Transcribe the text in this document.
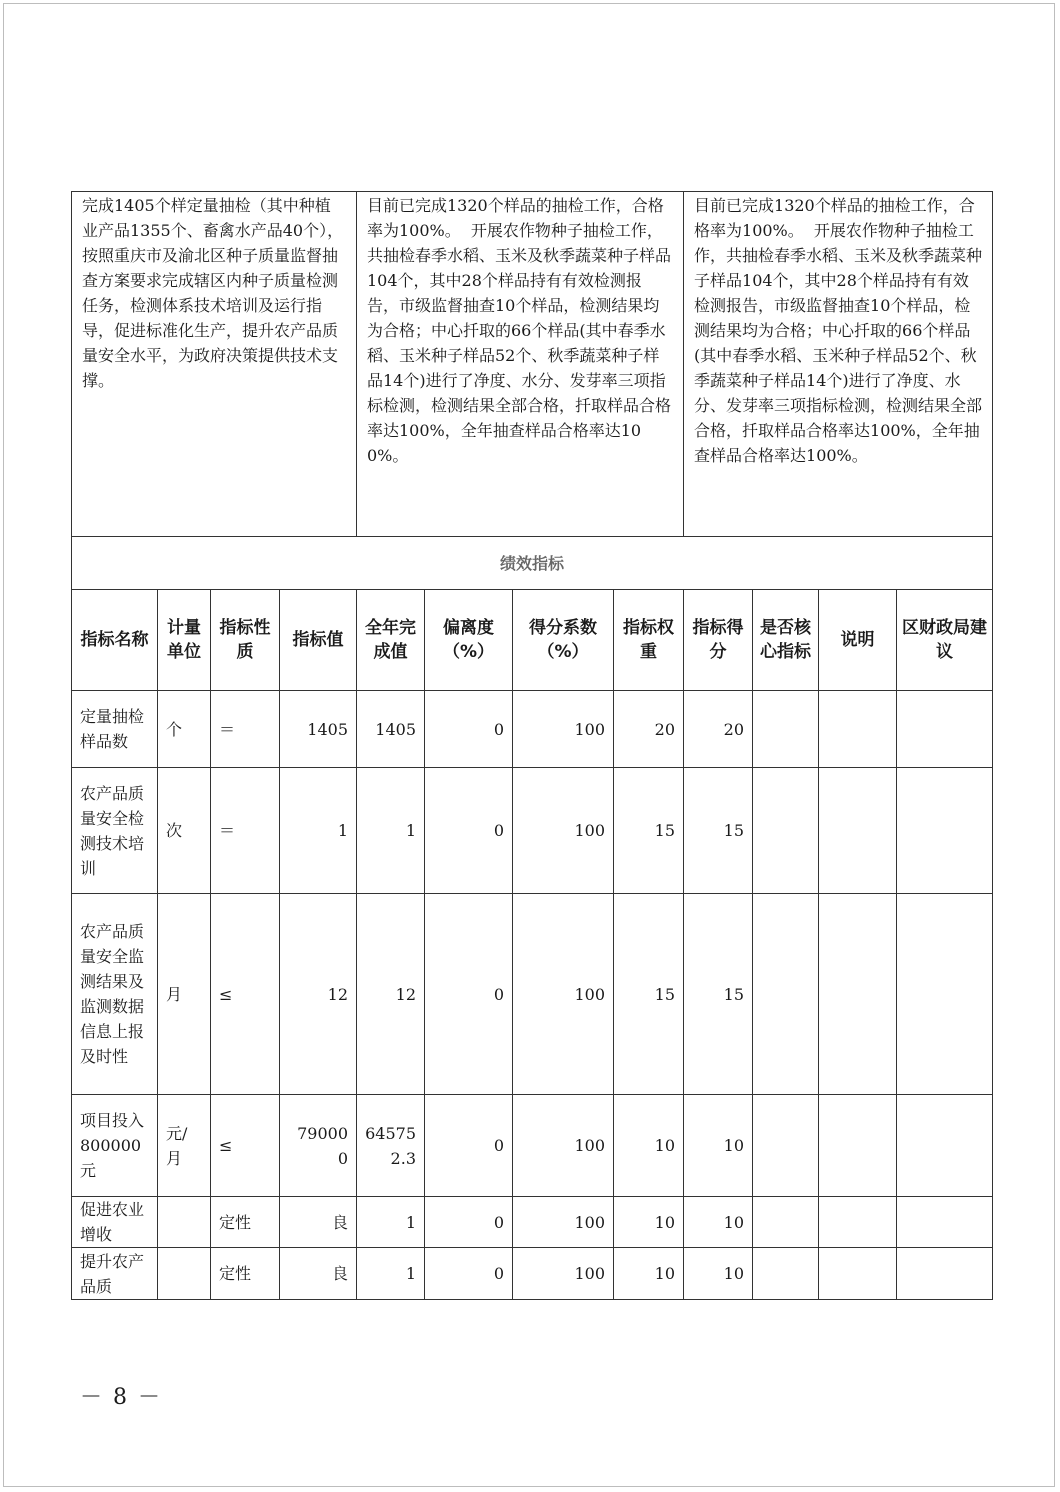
完成1405个样定量抽检（其中种植业产品1355个、畜禽水产品40个），按照重庆市及渝北区种子质量监督抽查方案要求完成辖区内种子质量检测任务，检测体系技术培训及运行指导，促进标准化生产，提升农产品质量安全水平，为政府决策提供技术支撑。				目前已完成1320个样品的抽检工作，合格率为100%。  开展农作物种子抽检工作，共抽检春季水稻、玉米及秋季蔬菜种子样品104个，其中28个样品持有有效检测报告，市级监督抽查10个样品，检测结果均为合格；中心扦取的66个样品(其中春季水稻、玉米种子样品52个、秋季蔬菜种子样品14个)进行了净度、水分、发芽率三项指标检测，检测结果全部合格，扦取样品合格率达100%，全年抽查样品合格率达100%。				目前已完成1320个样品的抽检工作，合格率为100%。  开展农作物种子抽检工作，共抽检春季水稻、玉米及秋季蔬菜种子样品104个，其中28个样品持有有效检测报告，市级监督抽查10个样品，检测结果均为合格；中心扦取的66个样品(其中春季水稻、玉米种子样品52个、秋季蔬菜种子样品14个)进行了净度、水分、发芽率三项指标检测，检测结果全部合格，扦取样品合格率达100%，全年抽查样品合格率达100%。			

绩效指标											
指标名称	计量单位	指标性质	指标值	全年完成值	偏离度（%）	得分系数（%）	指标权重	指标得分	是否核心指标	说明	区财政局建议
定量抽检样品数	个	＝	1405	1405	0	100	20	20			
农产品质量安全检测技术培训	次	＝	1	1	0	100	15	15			
农产品质量安全监测结果及监测数据信息上报及时性	月	≤	12	12	0	100	15	15			
项目投入800000元	元/月	≤	790000	645752.3	0	100	10	10			
促进农业增收		定性	良	1	0	100	10	10			
提升农产品质		定性	良	1	0	100	10	10			
－ 8 －
